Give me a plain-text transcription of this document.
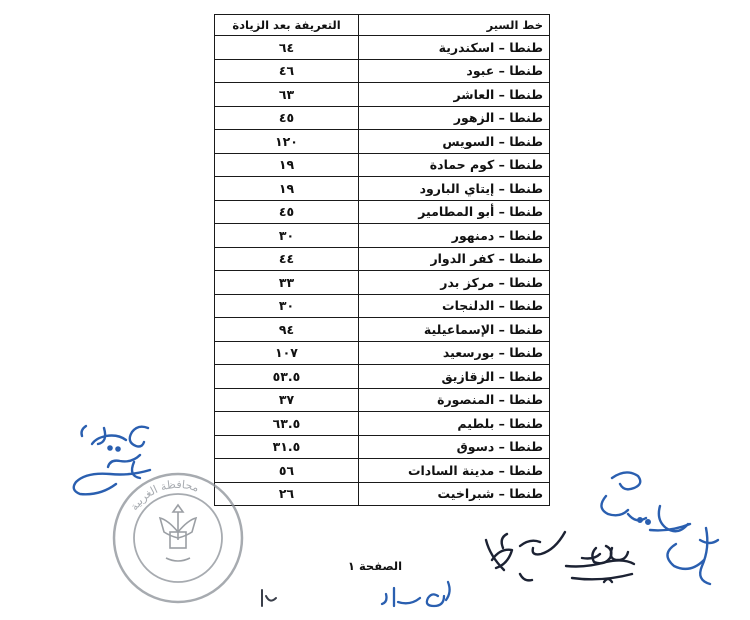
خط السير	التعريفة بعد الزيادة
طنطا – اسكندرية	٦٤
طنطا – عبود	٤٦
طنطا – العاشر	٦٣
طنطا – الزهور	٤٥
طنطا – السويس	١٢٠
طنطا – كوم حمادة	١٩
طنطا – إيتاي البارود	١٩
طنطا – أبو المطامير	٤٥
طنطا – دمنهور	٣٠
طنطا – كفر الدوار	٤٤
طنطا – مركز بدر	٣٣
طنطا – الدلنجات	٣٠
طنطا – الإسماعيلية	٩٤
طنطا – بورسعيد	١٠٧
طنطا – الزقازيق	٥٣.٥
طنطا – المنصورة	٣٧
طنطا – بلطيم	٦٣.٥
طنطا – دسوق	٣١.٥
طنطا – مدينة السادات	٥٦
طنطا – شبراخيت	٢٦
الصفحة ١
محافظة الغربية
